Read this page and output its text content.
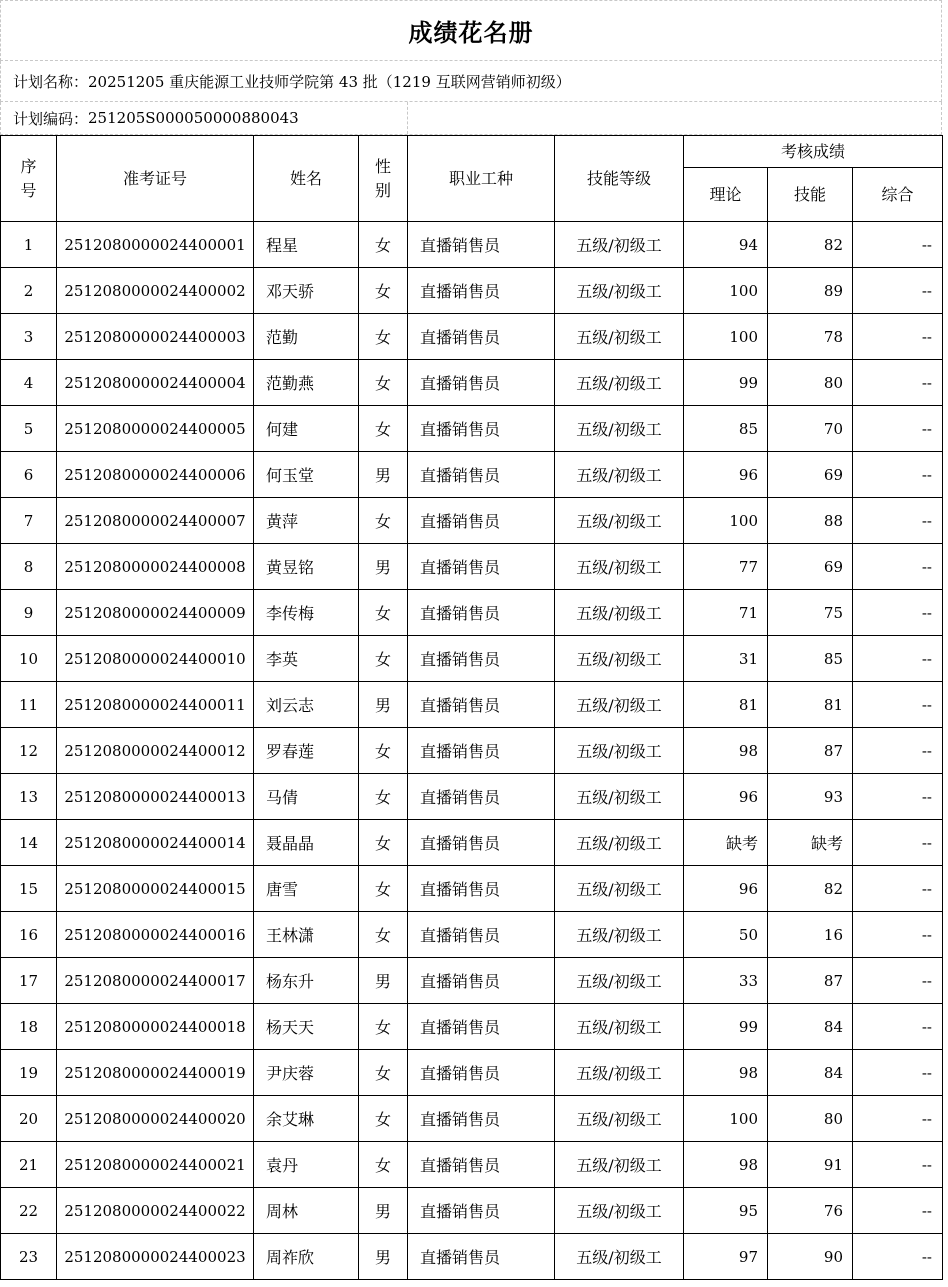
成绩花名册
计划名称： 20251205 重庆能源工业技师学院第 43 批（1219 互联网营销师初级）
计划编码： 251205S000050000880043
序
号	准考证号	姓名	性
别	职业工种	技能等级	考核成绩		
						理论	技能	综合
1	2512080000024400001	程星	女	直播销售员	五级/初级工	94	82	--
2	2512080000024400002	邓天骄	女	直播销售员	五级/初级工	100	89	--
3	2512080000024400003	范勤	女	直播销售员	五级/初级工	100	78	--
4	2512080000024400004	范勤燕	女	直播销售员	五级/初级工	99	80	--
5	2512080000024400005	何建	女	直播销售员	五级/初级工	85	70	--
6	2512080000024400006	何玉堂	男	直播销售员	五级/初级工	96	69	--
7	2512080000024400007	黄萍	女	直播销售员	五级/初级工	100	88	--
8	2512080000024400008	黄昱铭	男	直播销售员	五级/初级工	77	69	--
9	2512080000024400009	李传梅	女	直播销售员	五级/初级工	71	75	--
10	2512080000024400010	李英	女	直播销售员	五级/初级工	31	85	--
11	2512080000024400011	刘云志	男	直播销售员	五级/初级工	81	81	--
12	2512080000024400012	罗春莲	女	直播销售员	五级/初级工	98	87	--
13	2512080000024400013	马倩	女	直播销售员	五级/初级工	96	93	--
14	2512080000024400014	聂晶晶	女	直播销售员	五级/初级工	缺考	缺考	--
15	2512080000024400015	唐雪	女	直播销售员	五级/初级工	96	82	--
16	2512080000024400016	王林潇	女	直播销售员	五级/初级工	50	16	--
17	2512080000024400017	杨东升	男	直播销售员	五级/初级工	33	87	--
18	2512080000024400018	杨天天	女	直播销售员	五级/初级工	99	84	--
19	2512080000024400019	尹庆蓉	女	直播销售员	五级/初级工	98	84	--
20	2512080000024400020	余艾琳	女	直播销售员	五级/初级工	100	80	--
21	2512080000024400021	袁丹	女	直播销售员	五级/初级工	98	91	--
22	2512080000024400022	周林	男	直播销售员	五级/初级工	95	76	--
23	2512080000024400023	周祚欣	男	直播销售员	五级/初级工	97	90	--
